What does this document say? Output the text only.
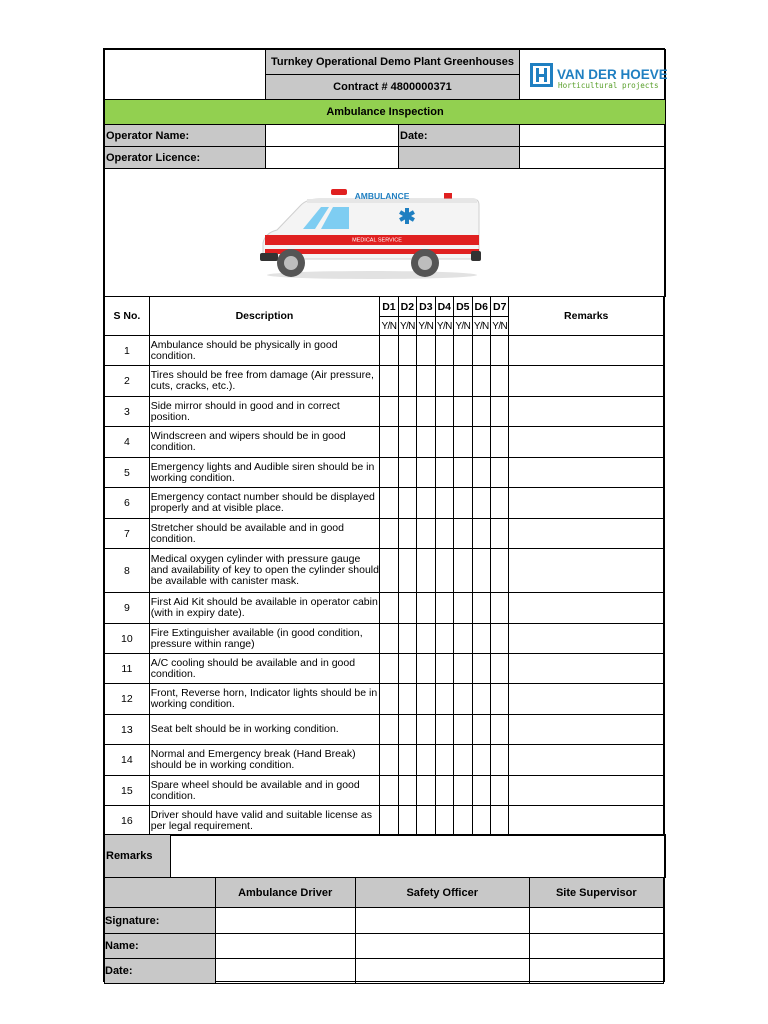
Turnkey Operational Demo Plant Greenhouses
Contract # 4800000371
VAN DER HOEVEN
Horticultural projects
Ambulance Inspection
Operator Name:	Date:
Operator Licence:
AMBULANCE
MEDICAL SERVICE
S No.	Description	D1	D2	D3	D4	D5	D6	D7	Remarks
		Y/N	Y/N	Y/N	Y/N	Y/N	Y/N	Y/N	
1	Ambulance should be physically in good condition.								
2	Tires should be free from damage (Air pressure, cuts, cracks, etc.).								
3	Side mirror should in good and in correct position.								
4	Windscreen and wipers should be in good condition.								
5	Emergency lights and Audible siren should be in working condition.								
6	Emergency contact number should be displayed properly and at visible place.								
7	Stretcher should be available and in good condition.								
8	Medical oxygen cylinder with pressure gauge and availability of key to open the cylinder should be available with canister mask.								
9	First Aid Kit should be available in operator cabin (with in expiry date).								
10	Fire Extinguisher available (in good condition, pressure within range)								
11	A/C cooling should be available and in good condition.								
12	Front, Reverse horn, Indicator lights should be in working condition.								
13	Seat belt should be in working condition.								
14	Normal and Emergency break (Hand Break) should be in working condition.								
15	Spare wheel should be available and in good condition.								
16	Driver should have valid and suitable license as per legal requirement.								
Remarks
	Ambulance Driver	Safety Officer	Site Supervisor
Signature:			
Name:			
Date:			
